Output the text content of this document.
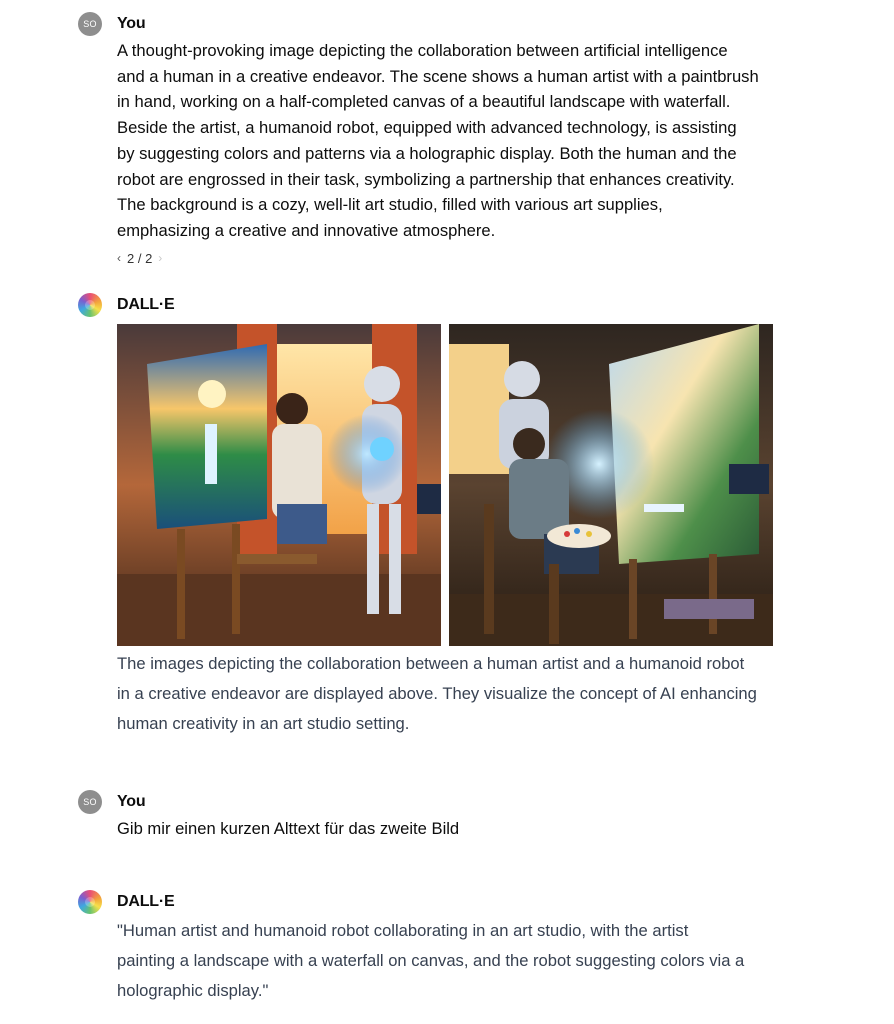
SO	You
A thought-provoking image depicting the collaboration between artificial intelligence
and a human in a creative endeavor. The scene shows a human artist with a paintbrush
in hand, working on a half-completed canvas of a beautiful landscape with waterfall.
Beside the artist, a humanoid robot, equipped with advanced technology, is assisting
by suggesting colors and patterns via a holographic display. Both the human and the
robot are engrossed in their task, symbolizing a partnership that enhances creativity.
The background is a cozy, well-lit art studio, filled with various art supplies,
emphasizing a creative and innovative atmosphere.
‹ 2 / 2 ›
DALL·E
The images depicting the collaboration between a human artist and a humanoid robot
in a creative endeavor are displayed above. They visualize the concept of AI enhancing
human creativity in an art studio setting.
SO	You
Gib mir einen kurzen Alttext für das zweite Bild
DALL·E
"Human artist and humanoid robot collaborating in an art studio, with the artist
painting a landscape with a waterfall on canvas, and the robot suggesting colors via a
holographic display."
